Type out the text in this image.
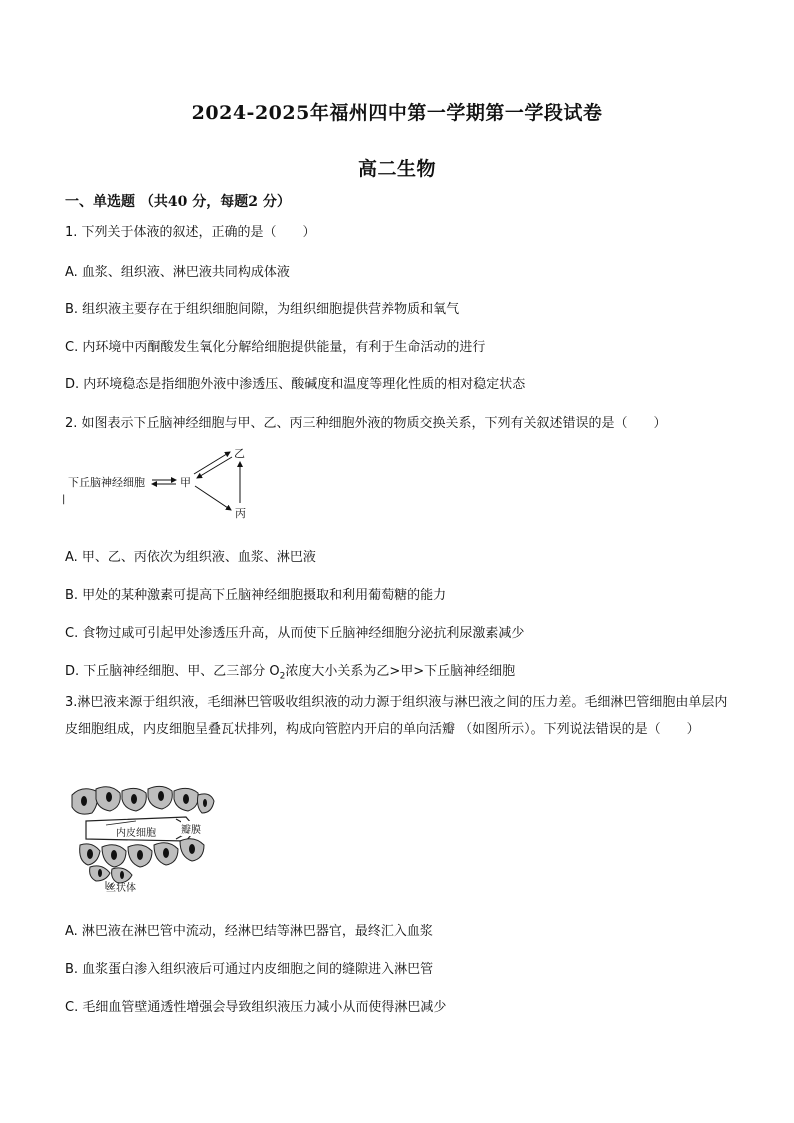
2024-2025年福州四中第一学期第一学段试卷
高二生物
一、单选题 （共40 分，每题2 分）
1. 下列关于体液的叙述，正确的是（　　）
A. 血浆、组织液、淋巴液共同构成体液
B. 组织液主要存在于组织细胞间隙，为组织细胞提供营养物质和氧气
C. 内环境中丙酮酸发生氧化分解给细胞提供能量，有利于生命活动的进行
D. 内环境稳态是指细胞外液中渗透压、酸碱度和温度等理化性质的相对稳定状态
2. 如图表示下丘脑神经细胞与甲、乙、丙三种细胞外液的物质交换关系，下列有关叙述错误的是（　　）
下丘脑神经细胞	甲
乙
丙
|
A. 甲、乙、丙依次为组织液、血浆、淋巴液
B. 甲处的某种激素可提高下丘脑神经细胞摄取和利用葡萄糖的能力
C. 食物过咸可引起甲处渗透压升高，从而使下丘脑神经细胞分泌抗利尿激素减少
D. 下丘脑神经细胞、甲、乙三部分 $O_2$浓度大小关系为乙>甲>下丘脑神经细胞
3.淋巴液来源于组织液，毛细淋巴管吸收组织液的动力源于组织液与淋巴液之间的压力差。毛细淋巴管细胞由单层内皮细胞组成，内皮细胞呈叠瓦状排列，构成向管腔内开启的单向活瓣 （如图所示）。下列说法错误的是（　　）
内皮细胞	瓣膜
丝状体
A. 淋巴液在淋巴管中流动，经淋巴结等淋巴器官，最终汇入血浆
B. 血浆蛋白渗入组织液后可通过内皮细胞之间的缝隙进入淋巴管
C. 毛细血管壁通透性增强会导致组织液压力减小从而使得淋巴减少
